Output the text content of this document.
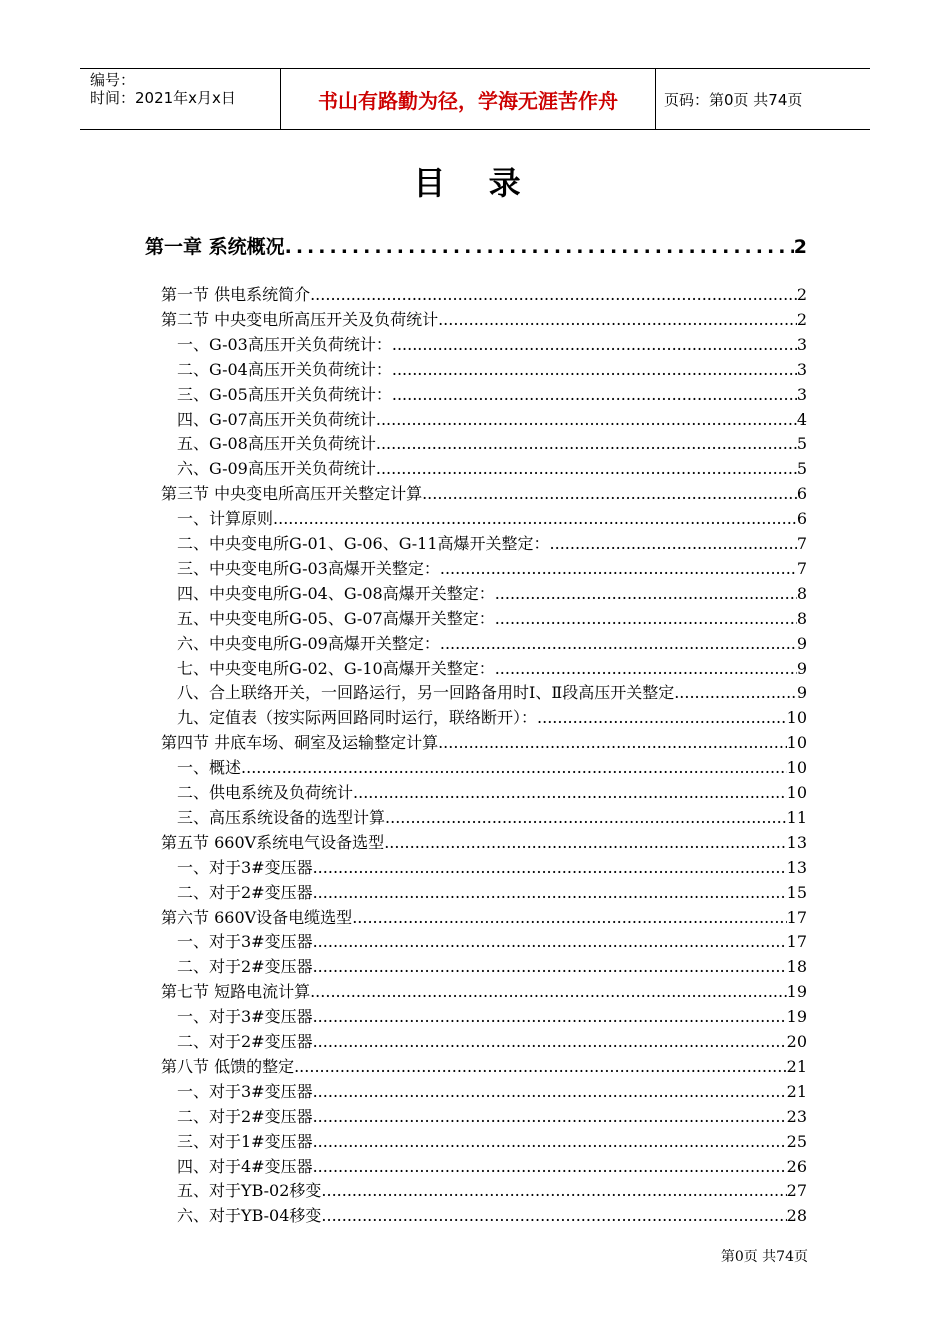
编号：
时间：2021年x月x日	书山有路勤为径，学海无涯苦作舟	页码：第0页 共74页
目 录
第一章 系统概况 .....	2
第一节 供电系统简介 .....	2
第二节 中央变电所高压开关及负荷统计 .....	2
一、G-03高压开关负荷统计： .....	3
二、G-04高压开关负荷统计： .....	3
三、G-05高压开关负荷统计： .....	3
四、G-07高压开关负荷统计 .....	4
五、G-08高压开关负荷统计 .....	5
六、G-09高压开关负荷统计 .....	5
第三节 中央变电所高压开关整定计算 .....	6
一、计算原则 .....	6
二、中央变电所G-01、G-06、G-11高爆开关整定： .....	7
三、中央变电所G-03高爆开关整定： .....	7
四、中央变电所G-04、G-08高爆开关整定： .....	8
五、中央变电所G-05、G-07高爆开关整定： .....	8
六、中央变电所G-09高爆开关整定： .....	9
七、中央变电所G-02、G-10高爆开关整定： .....	9
八、合上联络开关，一回路运行，另一回路备用时Ⅰ、Ⅱ段高压开关整定 .....	9
九、定值表（按实际两回路同时运行，联络断开）： .....	10
第四节 井底车场、硐室及运输整定计算 .....	10
一、概述 .....	10
二、供电系统及负荷统计 .....	10
三、高压系统设备的选型计算 .....	11
第五节 660V系统电气设备选型 .....	13
一、对于3#变压器 .....	13
二、对于2#变压器 .....	15
第六节 660V设备电缆选型 .....	17
一、对于3#变压器 .....	17
二、对于2#变压器 .....	18
第七节 短路电流计算 .....	19
一、对于3#变压器 .....	19
二、对于2#变压器 .....	20
第八节 低馈的整定 .....	21
一、对于3#变压器 .....	21
二、对于2#变压器 .....	23
三、对于1#变压器 .....	25
四、对于4#变压器 .....	26
五、对于YB-02移变 .....	27
六、对于YB-04移变 .....	28
第0页 共74页
